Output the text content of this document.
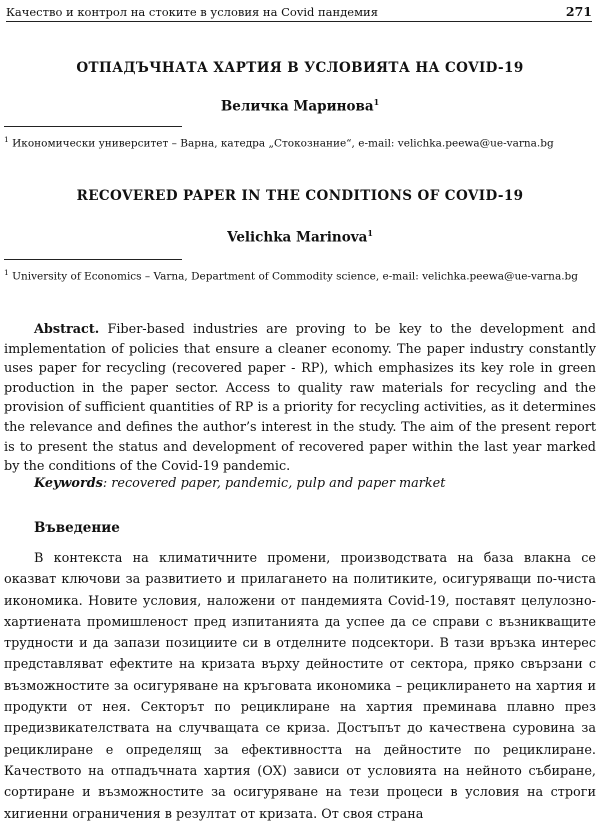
Качество и контрол на стоките в условия на Covid пандемия	271
ОТПАДЪЧНАТА ХАРТИЯ В УСЛОВИЯТА НА COVID-19
Величка Маринова$^1$
$^1$ Икономически университет – Варна, катедра „Стокознание“, e-mail: velichka.peewa@ue-varna.bg
RECOVERED PAPER IN THE CONDITIONS OF COVID-19
Velichka Marinova$^1$
$^1$ University of Economics – Varna, Department of Commodity science, e-mail: velichka.peewa@ue-varna.bg
Abstract. Fiber-based industries are proving to be key to the development and implementation of policies that ensure a cleaner economy. The paper industry constantly uses paper for recycling (recovered paper - RP), which emphasizes its key role in green production in the paper sector. Access to quality raw materials for recycling and the provision of sufficient quantities of RP is a priority for recycling activities, as it determines the relevance and defines the author’s interest in the study. The aim of the present report is to present the status and development of recovered paper within the last year marked by the conditions of the Covid-19 pandemic.
Keywords: recovered paper, pandemic, pulp and paper market
Въведение
В контекста на климатичните промени, производствата на база влакна се оказват ключови за развитието и прилагането на политиките, осигуряващи по-чиста икономика. Новите условия, наложени от пандемията Covid-19, поставят целулозно-хартиената промишленост пред изпитанията да успее да се справи с възникващите трудности и да запази позициите си в отделните подсектори. В тази връзка интерес представляват ефектите на кризата върху дейностите от сектора, пряко свързани с възможностите за осигуряване на кръговата икономика – рециклирането на хартия и продукти от нея. Секторът по рециклиране на хартия преминава плавно през предизвикателствата на случващата се криза. Достъпът до качествена суровина за рециклиране е определящ за ефективността на дейностите по рециклиране. Качеството на отпадъчната хартия (ОХ) зависи от условията на нейното събиране, сортиране и възможностите за осигуряване на тези процеси в условия на строги хигиенни ограничения в резултат от кризата. От своя страна
